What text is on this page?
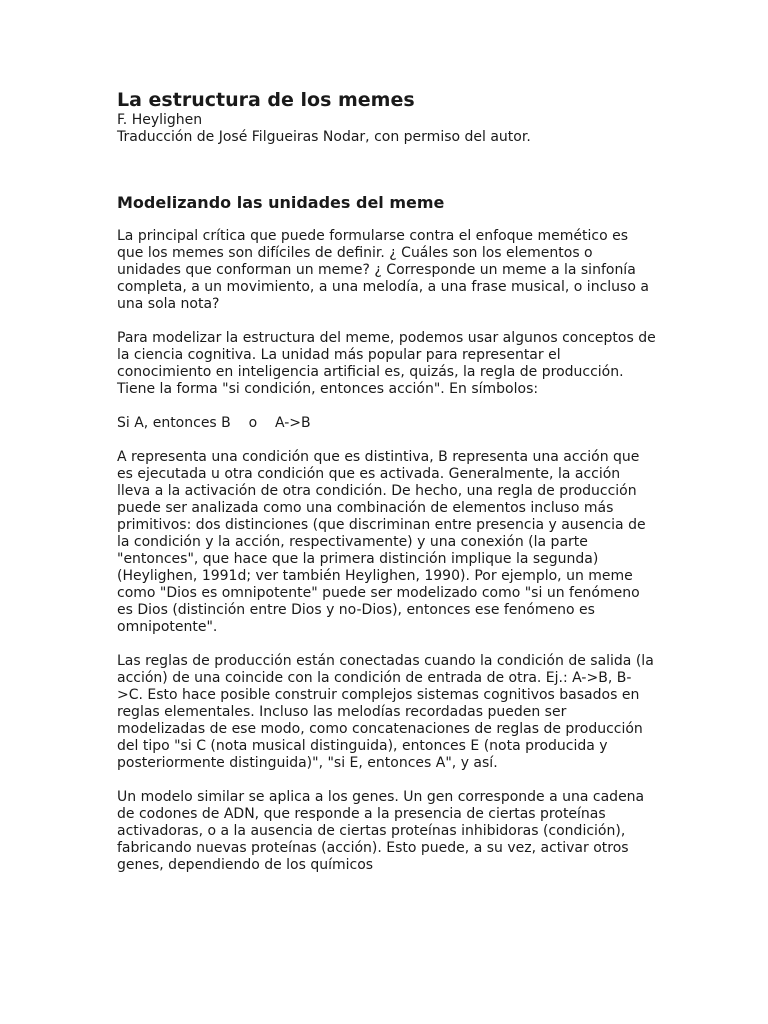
La estructura de los memes

F. Heylighen

Traducción de José Filgueiras Nodar, con permiso del autor.

Modelizando las unidades del meme

La principal crítica que puede formularse contra el enfoque memético es que los memes son difíciles de definir. ¿ Cuáles son los elementos o unidades que conforman un meme? ¿ Corresponde un meme a la sinfonía completa, a un movimiento, a una melodía, a una frase musical, o incluso a una sola nota?

Para modelizar la estructura del meme, podemos usar algunos conceptos de la ciencia cognitiva. La unidad más popular para representar el conocimiento en inteligencia artificial es, quizás, la regla de producción. Tiene la forma "si condición, entonces acción". En símbolos:

Si A, entonces B    o    A->B

A representa una condición que es distintiva, B representa una acción que es ejecutada u otra condición que es activada. Generalmente, la acción lleva a la activación de otra condición. De hecho, una regla de producción puede ser analizada como una combinación de elementos incluso más primitivos: dos distinciones (que discriminan entre presencia y ausencia de la condición y la acción, respectivamente) y una conexión (la parte "entonces", que hace que la primera distinción implique la segunda) (Heylighen, 1991d; ver también Heylighen, 1990). Por ejemplo, un meme como "Dios es omnipotente" puede ser modelizado como "si un fenómeno es Dios (distinción entre Dios y no-Dios), entonces ese fenómeno es omnipotente".

Las reglas de producción están conectadas cuando la condición de salida (la acción) de una coincide con la condición de entrada de otra. Ej.: A->B, B->C. Esto hace posible construir complejos sistemas cognitivos basados en reglas elementales. Incluso las melodías recordadas pueden ser modelizadas de ese modo, como concatenaciones de reglas de producción del tipo "si C (nota musical distinguida), entonces E (nota producida y posteriormente distinguida)", "si E, entonces A", y así.

Un modelo similar se aplica a los genes. Un gen corresponde a una cadena de codones de ADN, que responde a la presencia de ciertas proteínas activadoras, o a la ausencia de ciertas proteínas inhibidoras (condición), fabricando nuevas proteínas (acción). Esto puede, a su vez, activar otros genes, dependiendo de los químicos
